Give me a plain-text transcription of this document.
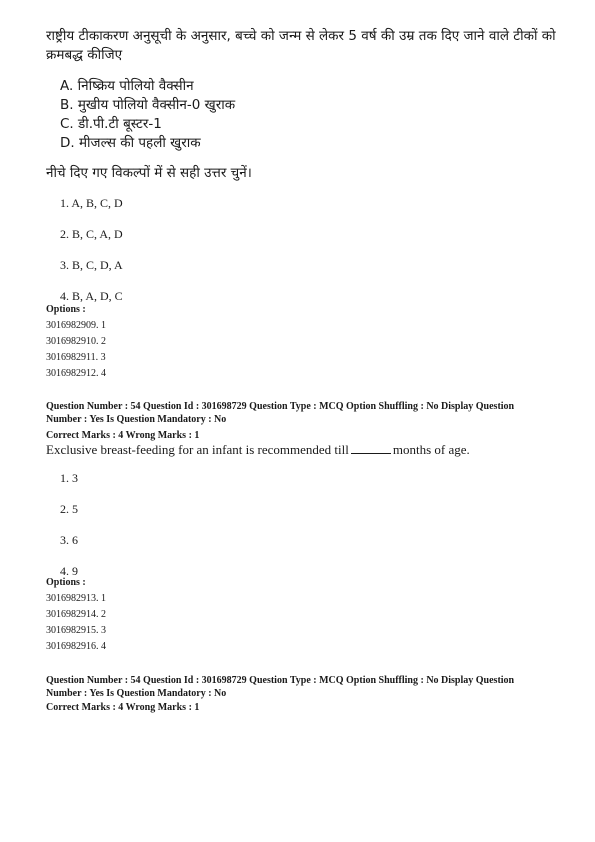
राष्ट्रीय टीकाकरण अनुसूची के अनुसार, बच्चे को जन्म से लेकर 5 वर्ष की उम्र तक दिए जाने वाले टीकों को
क्रमबद्ध कीजिए
A. निष्क्रिय पोलियो वैक्सीन
B. मुखीय पोलियो वैक्सीन-0 खुराक
C. डी.पी.टी बूस्टर-1
D. मीजल्स की पहली खुराक
नीचे दिए गए विकल्पों में से सही उत्तर चुनें।
1. A, B, C, D
2. B, C, A, D
3. B, C, D, A
4. B, A, D, C
Options :
3016982909. 1
3016982910. 2
3016982911. 3
3016982912. 4
Question Number : 54 Question Id : 301698729 Question Type : MCQ Option Shuffling : No Display Question
Number : Yes Is Question Mandatory : No
Correct Marks : 4 Wrong Marks : 1
Exclusive breast-feeding for an infant is recommended till	months of age.
1. 3
2. 5
3. 6
4. 9
Options :
3016982913. 1
3016982914. 2
3016982915. 3
3016982916. 4
Question Number : 54 Question Id : 301698729 Question Type : MCQ Option Shuffling : No Display Question
Number : Yes Is Question Mandatory : No
Correct Marks : 4 Wrong Marks : 1
